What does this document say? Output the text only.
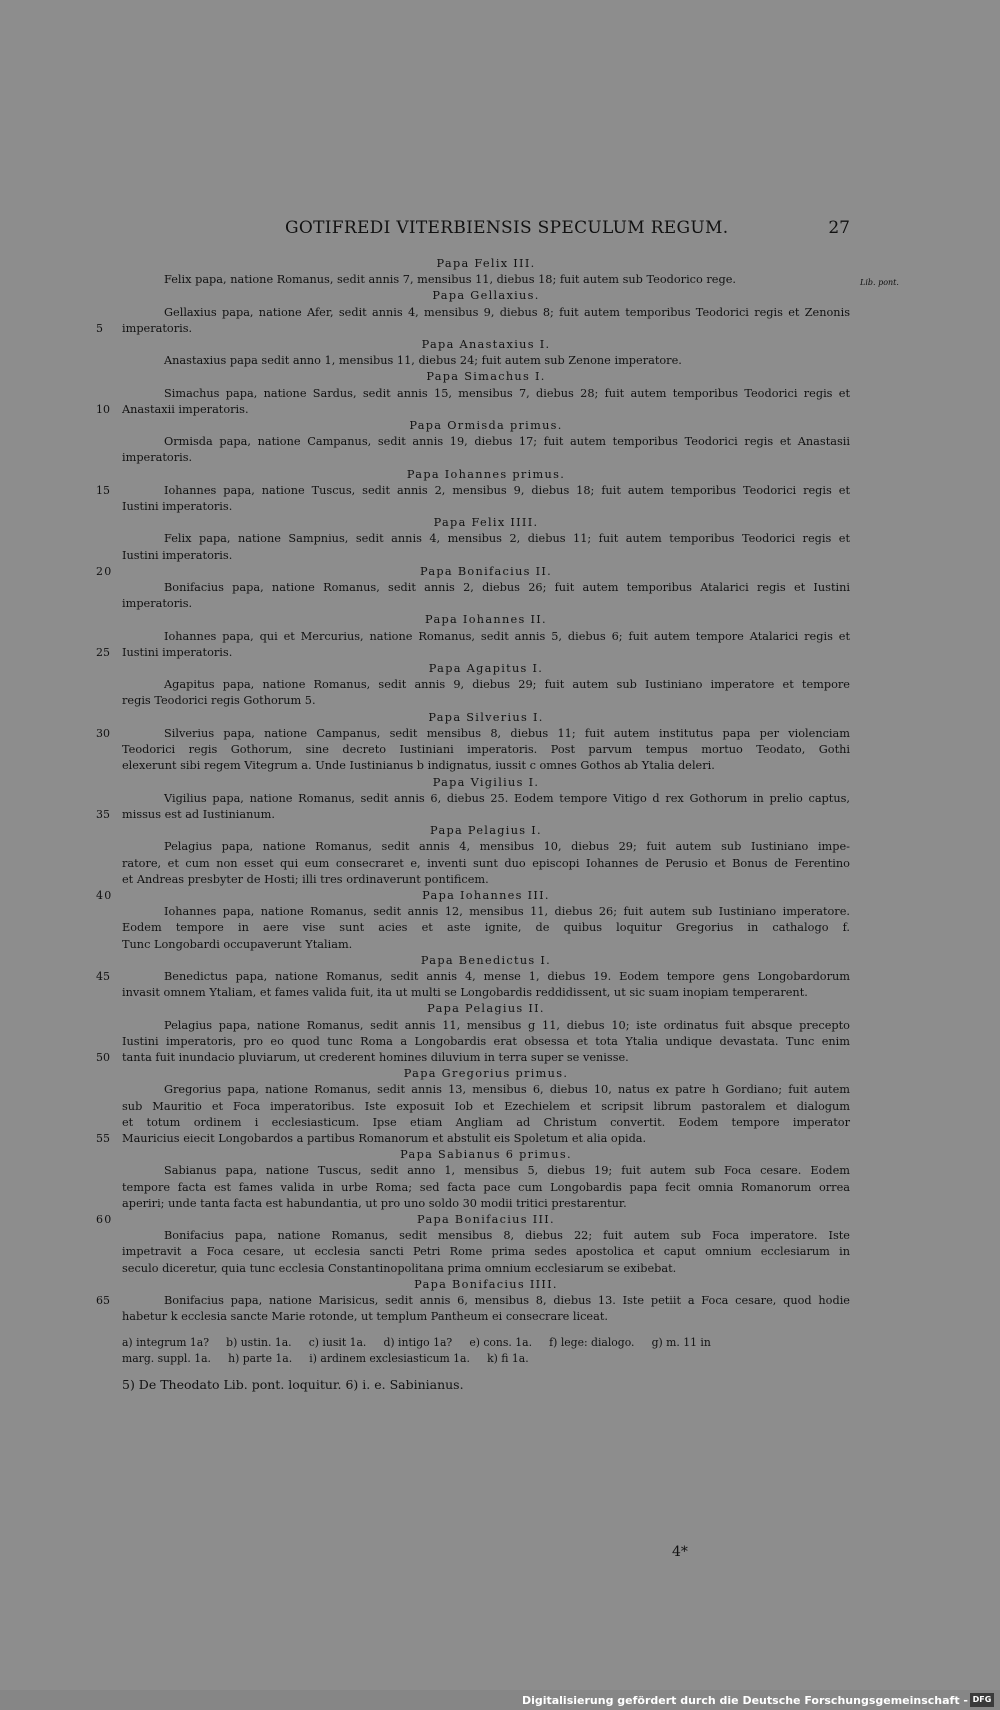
GOTIFREDI VITERBIENSIS SPECULUM REGUM.	27
Lib. pont.
Papa Felix III.
Felix papa, natione Romanus, sedit annis 7, mensibus 11, diebus 18; fuit autem sub Teodorico rege.
Papa Gellaxius.
Gellaxius papa, natione Afer, sedit annis 4, mensibus 9, diebus 8; fuit autem temporibus Teodorici regis et Zenonis
imperatoris.
5
Papa Anastaxius I.
Anastaxius papa sedit anno 1, mensibus 11, diebus 24; fuit autem sub Zenone imperatore.
Papa Simachus I.
Simachus papa, natione Sardus, sedit annis 15, mensibus 7, diebus 28; fuit autem temporibus Teodorici regis et
Anastaxii imperatoris.
10
Papa Ormisda primus.
Ormisda papa, natione Campanus, sedit annis 19, diebus 17; fuit autem temporibus Teodorici regis et Anastasii
imperatoris.
Papa Iohannes primus.
Iohannes papa, natione Tuscus, sedit annis 2, mensibus 9, diebus 18; fuit autem temporibus Teodorici regis et
15
Iustini imperatoris.
Papa Felix IIII.
Felix papa, natione Sampnius, sedit annis 4, mensibus 2, diebus 11; fuit autem temporibus Teodorici regis et
Iustini imperatoris.
Papa Bonifacius II.
20
Bonifacius papa, natione Romanus, sedit annis 2, diebus 26; fuit autem temporibus Atalarici regis et Iustini
imperatoris.
Papa Iohannes II.
Iohannes papa, qui et Mercurius, natione Romanus, sedit annis 5, diebus 6; fuit autem tempore Atalarici regis et
Iustini imperatoris.
25
Papa Agapitus I.
Agapitus papa, natione Romanus, sedit annis 9, diebus 29; fuit autem sub Iustiniano imperatore et tempore
regis Teodorici regis Gothorum 5.
Papa Silverius I.
Silverius papa, natione Campanus, sedit mensibus 8, diebus 11; fuit autem institutus papa per violenciam
30
Teodorici regis Gothorum, sine decreto Iustiniani imperatoris. Post parvum tempus mortuo Teodato, Gothi
elexerunt sibi regem Vitegrum a. Unde Iustinianus b indignatus, iussit c omnes Gothos ab Ytalia deleri.
Papa Vigilius I.
Vigilius papa, natione Romanus, sedit annis 6, diebus 25. Eodem tempore Vitigo d rex Gothorum in prelio captus,
missus est ad Iustinianum.
35
Papa Pelagius I.
Pelagius papa, natione Romanus, sedit annis 4, mensibus 10, diebus 29; fuit autem sub Iustiniano impe-
ratore, et cum non esset qui eum consecraret e, inventi sunt duo episcopi Iohannes de Perusio et Bonus de Ferentino
et Andreas presbyter de Hosti; illi tres ordinaverunt pontificem.
Papa Iohannes III.
40
Iohannes papa, natione Romanus, sedit annis 12, mensibus 11, diebus 26; fuit autem sub Iustiniano imperatore.
Eodem tempore in aere vise sunt acies et aste ignite, de quibus loquitur Gregorius in cathalogo f.
Tunc Longobardi occupaverunt Ytaliam.
Papa Benedictus I.
Benedictus papa, natione Romanus, sedit annis 4, mense 1, diebus 19. Eodem tempore gens Longobardorum
45
invasit omnem Ytaliam, et fames valida fuit, ita ut multi se Longobardis reddidissent, ut sic suam inopiam temperarent.
Papa Pelagius II.
Pelagius papa, natione Romanus, sedit annis 11, mensibus g 11, diebus 10; iste ordinatus fuit absque precepto
Iustini imperatoris, pro eo quod tunc Roma a Longobardis erat obsessa et tota Ytalia undique devastata. Tunc enim
tanta fuit inundacio pluviarum, ut crederent homines diluvium in terra super se venisse.
50
Papa Gregorius primus.
Gregorius papa, natione Romanus, sedit annis 13, mensibus 6, diebus 10, natus ex patre h Gordiano; fuit autem
sub Mauritio et Foca imperatoribus. Iste exposuit Iob et Ezechielem et scripsit librum pastoralem et dialogum
et totum ordinem i ecclesiasticum. Ipse etiam Angliam ad Christum convertit. Eodem tempore imperator
Mauricius eiecit Longobardos a partibus Romanorum et abstulit eis Spoletum et alia opida.
55
Papa Sabianus 6 primus.
Sabianus papa, natione Tuscus, sedit anno 1, mensibus 5, diebus 19; fuit autem sub Foca cesare. Eodem
tempore facta est fames valida in urbe Roma; sed facta pace cum Longobardis papa fecit omnia Romanorum orrea
aperiri; unde tanta facta est habundantia, ut pro uno soldo 30 modii tritici prestarentur.
Papa Bonifacius III.
60
Bonifacius papa, natione Romanus, sedit mensibus 8, diebus 22; fuit autem sub Foca imperatore. Iste
impetravit a Foca cesare, ut ecclesia sancti Petri Rome prima sedes apostolica et caput omnium ecclesiarum in
seculo diceretur, quia tunc ecclesia Constantinopolitana prima omnium ecclesiarum se exibebat.
Papa Bonifacius IIII.
Bonifacius papa, natione Marisicus, sedit annis 6, mensibus 8, diebus 13. Iste petiit a Foca cesare, quod hodie
65
habetur k ecclesia sancte Marie rotonde, ut templum Pantheum ei consecrare liceat.
a) integrum 1a?     b) ustin. 1a.     c) iusit 1a.     d) intigo 1a?     e) cons. 1a.     f) lege: dialogo.     g) m. 11 in
marg. suppl. 1a.     h) parte 1a.     i) ardinem exclesiasticum 1a.     k) fi 1a.
5) De Theodato Lib. pont. loquitur. 6) i. e. Sabinianus.
4*
Digitalisierung gefördert durch die Deutsche Forschungsgemeinschaft - DFG
